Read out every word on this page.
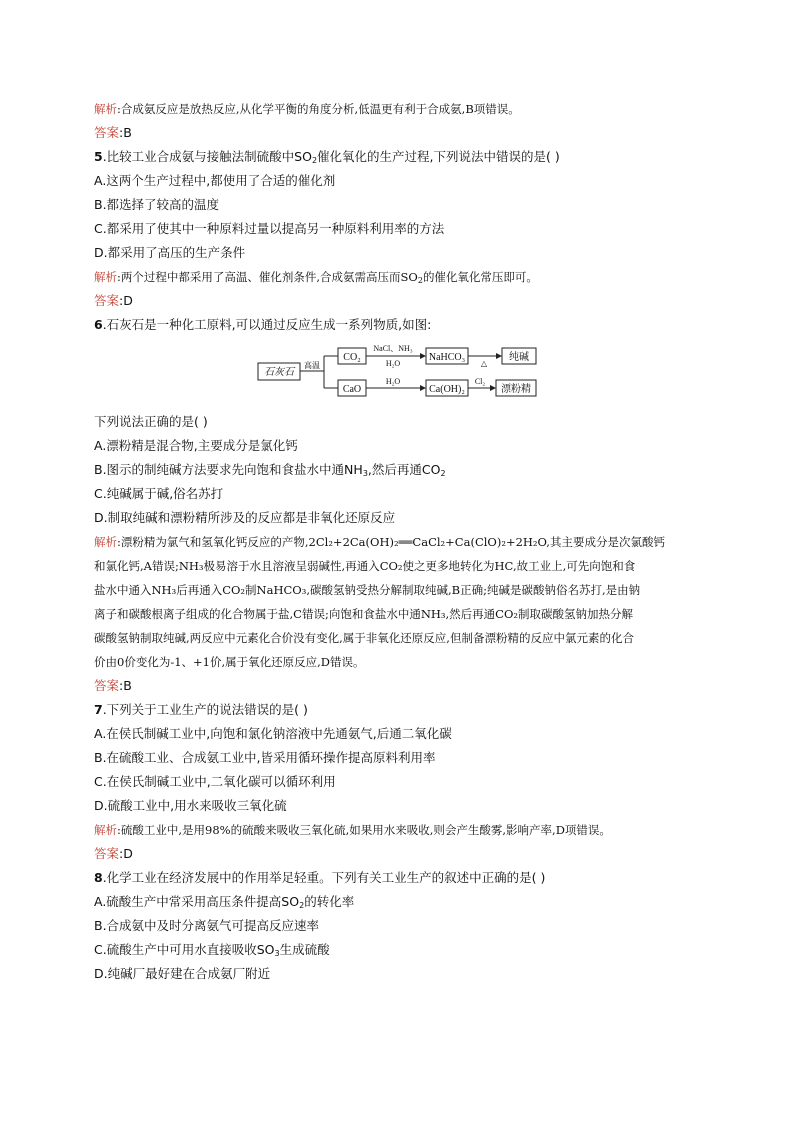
解析:合成氨反应是放热反应,从化学平衡的角度分析,低温更有利于合成氨,B项错误。
答案:B
5.比较工业合成氨与接触法制硫酸中$SO_2$催化氧化的生产过程,下列说法中错误的是( )
A.这两个生产过程中,都使用了合适的催化剂
B.都选择了较高的温度
C.都采用了使其中一种原料过量以提高另一种原料利用率的方法
D.都采用了高压的生产条件
解析:两个过程中都采用了高温、催化剂条件,合成氨需高压而$SO_2$的催化氧化常压即可。
答案:D
6.石灰石是一种化工原料,可以通过反应生成一系列物质,如图:
石灰石
高温
CO₂
NaCl、NH₃
H₂O
NaHCO₃
△
纯碱
CaO
H₂O
Ca(OH)₂
Cl₂
漂粉精
下列说法正确的是( )
A.漂粉精是混合物,主要成分是氯化钙
B.图示的制纯碱方法要求先向饱和食盐水中通$NH_3$,然后再通$CO_2$
C.纯碱属于碱,俗名苏打
D.制取纯碱和漂粉精所涉及的反应都是非氧化还原反应
解析:漂粉精为氯气和氢氧化钙反应的产物,2Cl₂+2Ca(OH)₂══CaCl₂+Ca(ClO)₂+2H₂O,其主要成分是次氯酸钙
和氯化钙,A错误;NH₃极易溶于水且溶液呈弱碱性,再通入CO₂使之更多地转化为HC,故工业上,可先向饱和食
盐水中通入NH₃后再通入CO₂制NaHCO₃,碳酸氢钠受热分解制取纯碱,B正确;纯碱是碳酸钠俗名苏打,是由钠
离子和碳酸根离子组成的化合物属于盐,C错误;向饱和食盐水中通NH₃,然后再通CO₂制取碳酸氢钠加热分解
碳酸氢钠制取纯碱,两反应中元素化合价没有变化,属于非氧化还原反应,但制备漂粉精的反应中氯元素的化合
价由0价变化为-1、+1价,属于氧化还原反应,D错误。
答案:B
7.下列关于工业生产的说法错误的是( )
A.在侯氏制碱工业中,向饱和氯化钠溶液中先通氨气,后通二氧化碳
B.在硫酸工业、合成氨工业中,皆采用循环操作提高原料利用率
C.在侯氏制碱工业中,二氧化碳可以循环利用
D.硫酸工业中,用水来吸收三氧化硫
解析:硫酸工业中,是用98%的硫酸来吸收三氧化硫,如果用水来吸收,则会产生酸雾,影响产率,D项错误。
答案:D
8.化学工业在经济发展中的作用举足轻重。下列有关工业生产的叙述中正确的是( )
A.硫酸生产中常采用高压条件提高$SO_2$的转化率
B.合成氨中及时分离氨气可提高反应速率
C.硫酸生产中可用水直接吸收$SO_3$生成硫酸
D.纯碱厂最好建在合成氨厂附近
